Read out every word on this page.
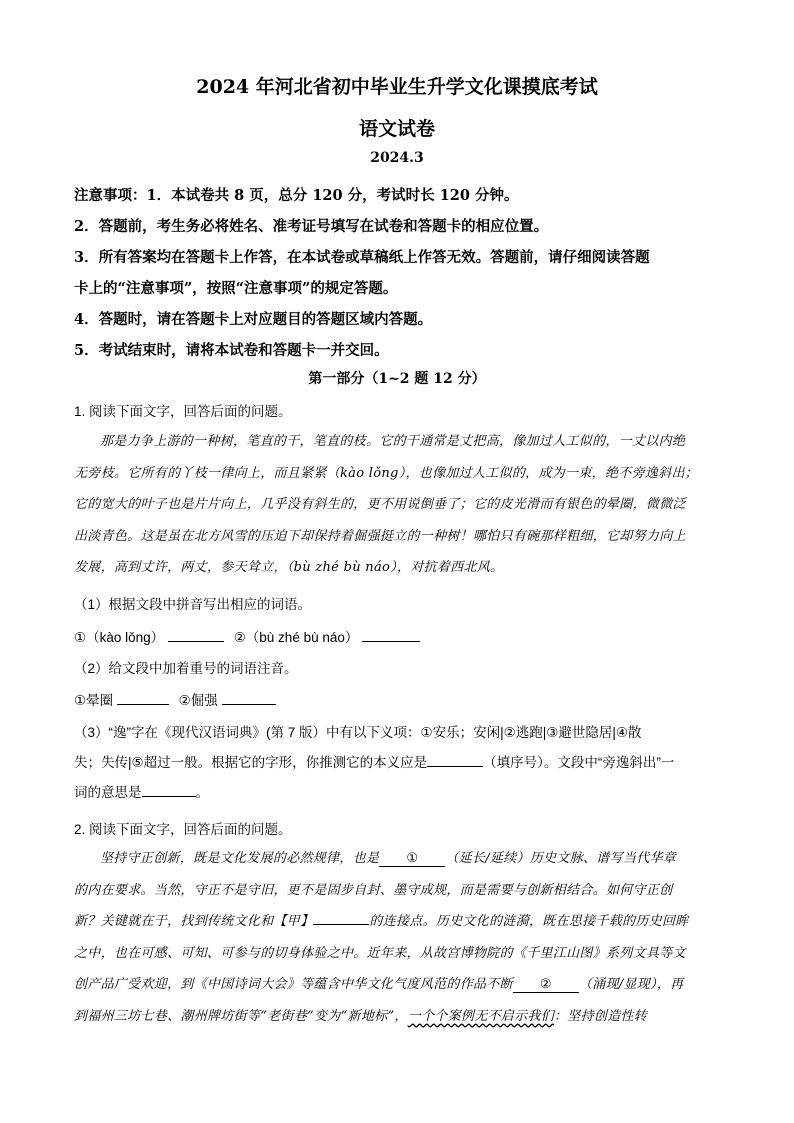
2024 年河北省初中毕业生升学文化课摸底考试
语文试卷
2024.3

注意事项：1．本试卷共 8 页，总分 120 分，考试时长 120 分钟。

2．答题前，考生务必将姓名、准考证号填写在试卷和答题卡的相应位置。

3．所有答案均在答题卡上作答，在本试卷或草稿纸上作答无效。答题前，请仔细阅读答题

卡上的“注意事项”，按照“注意事项”的规定答题。

4．答题时，请在答题卡上对应题目的答题区域内答题。

5．考试结束时，请将本试卷和答题卡一并交回。

第一部分（1~2 题 12 分）
1. 阅读下面文字，回答后面的问题。
那是力争上游的一种树，笔直的干，笔直的枝。它的干通常是丈把高，像加过人工似的，一丈以内绝
无旁枝。它所有的丫枝一律向上，而且紧紧（kào lǒng），也像加过人工似的，成为一束，绝不旁逸斜出；
它的宽大的叶子也是片片向上，几乎没有斜生的，更不用说倒垂了；它的皮光滑而有银色的晕圈，微微泛
出淡青色。这是虽在北方风雪的压迫下却保持着倔强挺立的一种树！哪怕只有碗那样粗细，它却努力向上
发展，高到丈许，两丈，参天耸立，（bù zhé bù náo），对抗着西北风。
（1）根据文段中拼音写出相应的词语。
①（kào lǒng）	②（bù zhé bù náo）
（2）给文段中加着重号的词语注音。
①晕圈	②倔强
（3）“逸”字在《现代汉语词典》(第 7 版）中有以下义项：①安乐；安闲|②逃跑|③避世隐居|④散
失；失传|⑤超过一般。根据它的字形，你推测它的本义应是	（填序号）。文段中“旁逸斜出”一
词的意思是	。
2. 阅读下面文字，回答后面的问题。
坚持守正创新，既是文化发展的必然规律，也是 ① （延长/延续）历史文脉、谱写当代华章
的内在要求。当然，守正不是守旧，更不是固步自封、墨守成规，而是需要与创新相结合。如何守正创
新？关键就在于，找到传统文化和【甲】	的连接点。历史文化的涟漪，既在思接千载的历史回眸
之中，也在可感、可知、可参与的切身体验之中。近年来，从故宫博物院的《千里江山图》系列文具等文
创产品广受欢迎，到《中国诗词大会》等蕴含中华文化气度风范的作品不断 ② （涌现/显现），再
到福州三坊七巷、潮州牌坊街等“老街巷”变为“新地标”，一个个案例无不启示我们：坚持创造性转
